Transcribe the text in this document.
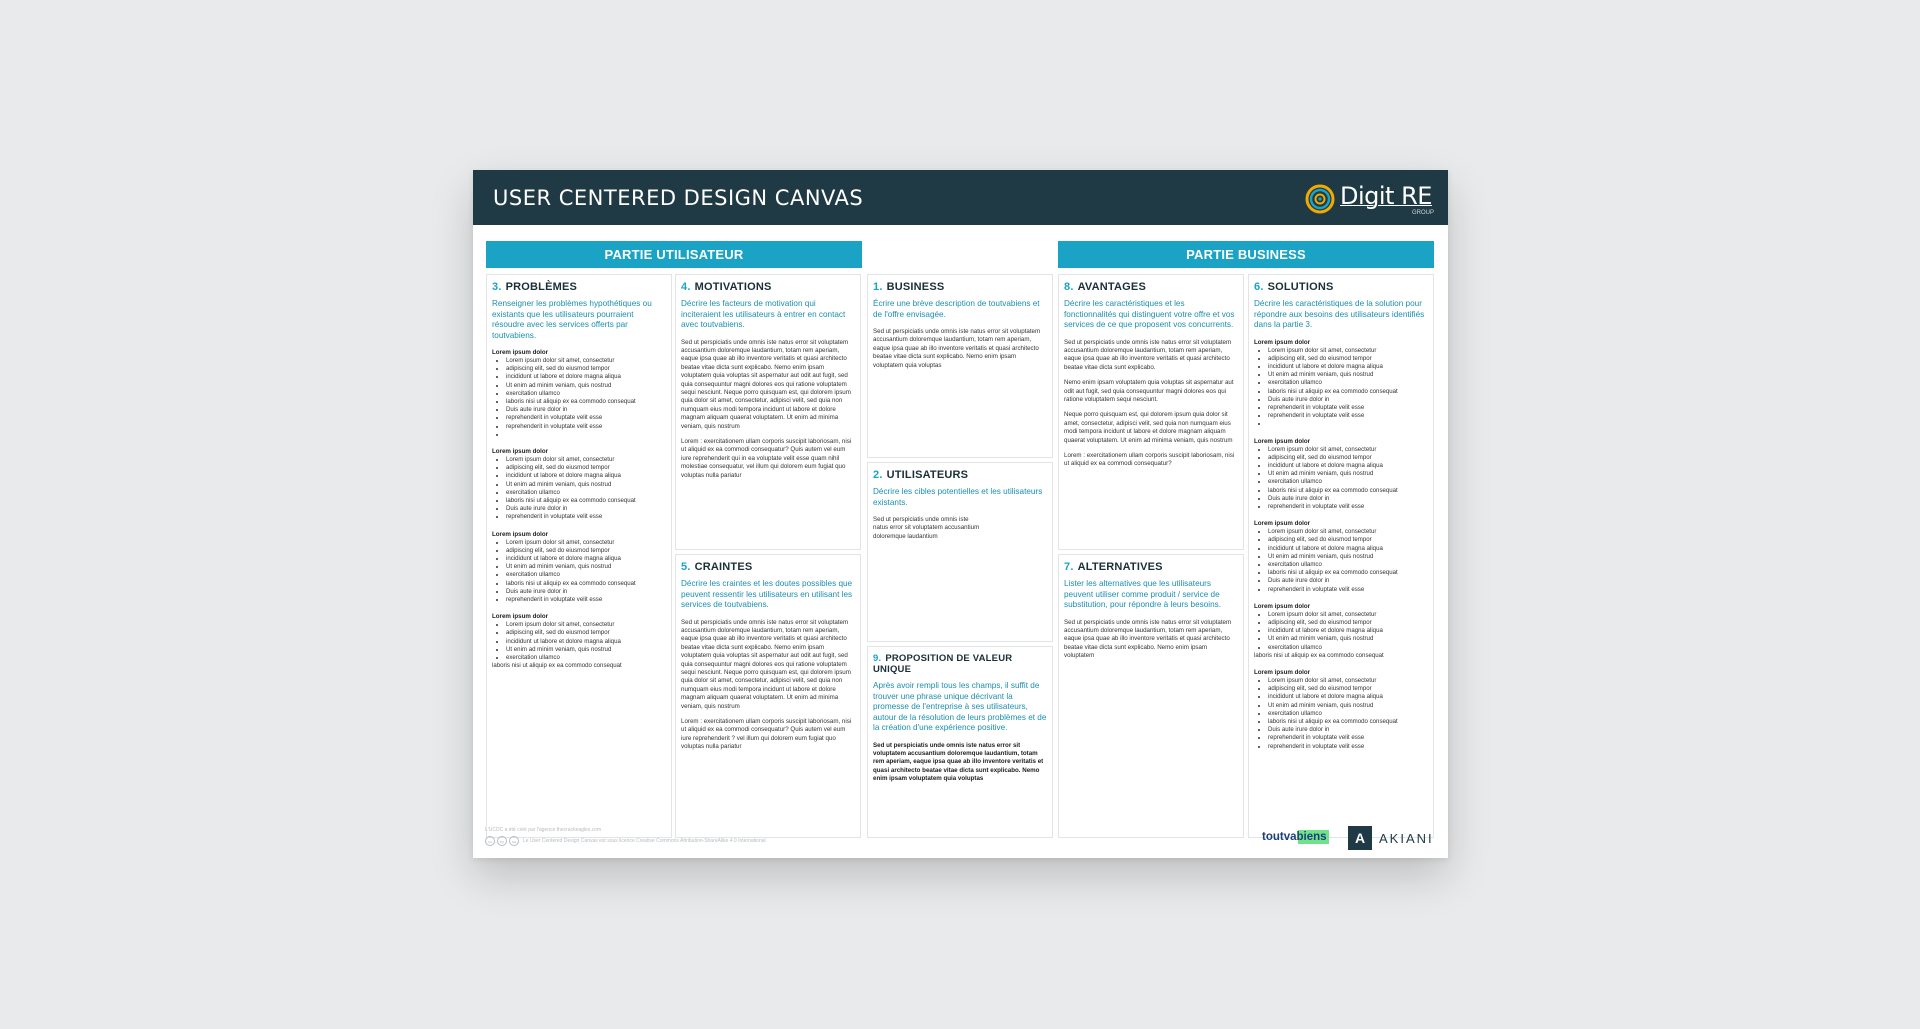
USER CENTERED DESIGN CANVAS	Digit RE
GROUP
PARTIE UTILISATEUR	PARTIE BUSINESS
3. PROBLÈMES

Renseigner les problèmes hypothétiques ou existants que les utilisateurs pourraient résoudre avec les services offerts par toutvabiens.

Lorem ipsum dolor
• Lorem ipsum dolor sit amet, consectetur
• adipiscing elit, sed do eiusmod tempor
• incididunt ut labore et dolore magna aliqua
• Ut enim ad minim veniam, quis nostrud
• exercitation ullamco
• laboris nisi ut aliquip ex ea commodo consequat
• Duis aute irure dolor in
• reprehenderit in voluptate velit esse
• reprehenderit in voluptate velit esse
•
Lorem ipsum dolor
• Lorem ipsum dolor sit amet, consectetur
• adipiscing elit, sed do eiusmod tempor
• incididunt ut labore et dolore magna aliqua
• Ut enim ad minim veniam, quis nostrud
• exercitation ullamco
• laboris nisi ut aliquip ex ea commodo consequat
• Duis aute irure dolor in
• reprehenderit in voluptate velit esse
Lorem ipsum dolor
• Lorem ipsum dolor sit amet, consectetur
• adipiscing elit, sed do eiusmod tempor
• incididunt ut labore et dolore magna aliqua
• Ut enim ad minim veniam, quis nostrud
• exercitation ullamco
• laboris nisi ut aliquip ex ea commodo consequat
• Duis aute irure dolor in
• reprehenderit in voluptate velit esse
Lorem ipsum dolor
• Lorem ipsum dolor sit amet, consectetur
• adipiscing elit, sed do eiusmod tempor
• incididunt ut labore et dolore magna aliqua
• Ut enim ad minim veniam, quis nostrud
• exercitation ullamco
laboris nisi ut aliquip ex ea commodo consequat
4. MOTIVATIONS

Décrire les facteurs de motivation qui inciteraient les utilisateurs à entrer en contact avec toutvabiens.

Sed ut perspiciatis unde omnis iste natus error sit voluptatem accusantium doloremque laudantium, totam rem aperiam, eaque ipsa quae ab illo inventore veritatis et quasi architecto beatae vitae dicta sunt explicabo. Nemo enim ipsam voluptatem quia voluptas sit aspernatur aut odit aut fugit, sed quia consequuntur magni dolores eos qui ratione voluptatem sequi nesciunt. Neque porro quisquam est, qui dolorem ipsum quia dolor sit amet, consectetur, adipisci velit, sed quia non numquam eius modi tempora incidunt ut labore et dolore magnam aliquam quaerat voluptatem. Ut enim ad minima veniam, quis nostrum

Lorem : exercitationem ullam corporis suscipit laboriosam, nisi ut aliquid ex ea commodi consequatur? Quis autem vel eum iure reprehenderit qui in ea voluptate velit esse quam nihil molestiae consequatur, vel illum qui dolorem eum fugiat quo voluptas nulla pariatur

5. CRAINTES

Décrire les craintes et les doutes possibles que peuvent ressentir les utilisateurs en utilisant les services de toutvabiens.

Sed ut perspiciatis unde omnis iste natus error sit voluptatem accusantium doloremque laudantium, totam rem aperiam, eaque ipsa quae ab illo inventore veritatis et quasi architecto beatae vitae dicta sunt explicabo. Nemo enim ipsam voluptatem quia voluptas sit aspernatur aut odit aut fugit, sed quia consequuntur magni dolores eos qui ratione voluptatem sequi nesciunt. Neque porro quisquam est, qui dolorem ipsum quia dolor sit amet, consectetur, adipisci velit, sed quia non numquam eius modi tempora incidunt ut labore et dolore magnam aliquam quaerat voluptatem. Ut enim ad minima veniam, quis nostrum

Lorem : exercitationem ullam corporis suscipit laboriosam, nisi ut aliquid ex ea commodi consequatur? Quis autem vel eum iure reprehenderit ? vel illum qui dolorem eum fugiat quo voluptas nulla pariatur

1. BUSINESS

Écrire une brève description de toutvabiens et de l'offre envisagée.

Sed ut perspiciatis unde omnis iste natus error sit voluptatem accusantium doloremque laudantium, totam rem aperiam, eaque ipsa quae ab illo inventore veritatis et quasi architecto beatae vitae dicta sunt explicabo. Nemo enim ipsam voluptatem quia voluptas

2. UTILISATEURS

Décrire les cibles potentielles et les utilisateurs existants.

Sed ut perspiciatis unde omnis iste natus error sit voluptatem accusantium doloremque laudantium

9. PROPOSITION DE VALEUR UNIQUE

Après avoir rempli tous les champs, il suffit de trouver une phrase unique décrivant la promesse de l'entreprise à ses utilisateurs, autour de la résolution de leurs problèmes et de la création d'une expérience positive.

Sed ut perspiciatis unde omnis iste natus error sit voluptatem accusantium doloremque laudantium, totam rem aperiam, eaque ipsa quae ab illo inventore veritatis et quasi architecto beatae vitae dicta sunt explicabo. Nemo enim ipsam voluptatem quia voluptas

8. AVANTAGES

Décrire les caractéristiques et les fonctionnalités qui distinguent votre offre et vos services de ce que proposent vos concurrents.

Sed ut perspiciatis unde omnis iste natus error sit voluptatem accusantium doloremque laudantium, totam rem aperiam, eaque ipsa quae ab illo inventore veritatis et quasi architecto beatae vitae dicta sunt explicabo.

Nemo enim ipsam voluptatem quia voluptas sit aspernatur aut odit aut fugit, sed quia consequuntur magni dolores eos qui ratione voluptatem sequi nesciunt.

Neque porro quisquam est, qui dolorem ipsum quia dolor sit amet, consectetur, adipisci velit, sed quia non numquam eius modi tempora incidunt ut labore et dolore magnam aliquam quaerat voluptatem. Ut enim ad minima veniam, quis nostrum

Lorem : exercitationem ullam corporis suscipit laboriosam, nisi ut aliquid ex ea commodi consequatur?

7. ALTERNATIVES

Lister les alternatives que les utilisateurs peuvent utiliser comme produit / service de substitution, pour répondre à leurs besoins.

Sed ut perspiciatis unde omnis iste natus error sit voluptatem accusantium doloremque laudantium, totam rem aperiam, eaque ipsa quae ab illo inventore veritatis et quasi architecto beatae vitae dicta sunt explicabo. Nemo enim ipsam voluptatem

6. SOLUTIONS

Décrire les caractéristiques de la solution pour répondre aux besoins des utilisateurs identifiés dans la partie 3.

Lorem ipsum dolor
• Lorem ipsum dolor sit amet, consectetur
• adipiscing elit, sed do eiusmod tempor
• incididunt ut labore et dolore magna aliqua
• Ut enim ad minim veniam, quis nostrud
• exercitation ullamco
• laboris nisi ut aliquip ex ea commodo consequat
• Duis aute irure dolor in
• reprehenderit in voluptate velit esse
• reprehenderit in voluptate velit esse
•
Lorem ipsum dolor
• Lorem ipsum dolor sit amet, consectetur
• adipiscing elit, sed do eiusmod tempor
• incididunt ut labore et dolore magna aliqua
• Ut enim ad minim veniam, quis nostrud
• exercitation ullamco
• laboris nisi ut aliquip ex ea commodo consequat
• Duis aute irure dolor in
• reprehenderit in voluptate velit esse
Lorem ipsum dolor
• Lorem ipsum dolor sit amet, consectetur
• adipiscing elit, sed do eiusmod tempor
• incididunt ut labore et dolore magna aliqua
• Ut enim ad minim veniam, quis nostrud
• exercitation ullamco
• laboris nisi ut aliquip ex ea commodo consequat
• Duis aute irure dolor in
• reprehenderit in voluptate velit esse
Lorem ipsum dolor
• Lorem ipsum dolor sit amet, consectetur
• adipiscing elit, sed do eiusmod tempor
• incididunt ut labore et dolore magna aliqua
• Ut enim ad minim veniam, quis nostrud
• exercitation ullamco
laboris nisi ut aliquip ex ea commodo consequat
Lorem ipsum dolor
• Lorem ipsum dolor sit amet, consectetur
• adipiscing elit, sed do eiusmod tempor
• incididunt ut labore et dolore magna aliqua
• Ut enim ad minim veniam, quis nostrud
• exercitation ullamco
• laboris nisi ut aliquip ex ea commodo consequat
• Duis aute irure dolor in
• reprehenderit in voluptate velit esse
• reprehenderit in voluptate velit esse
L'UCDC a été créé par l'agence thecrackeagles.com
cc	by	sa	Le User Centered Design Canvas est sous licence Creative Commons Attribution-ShareAlike 4.0 International	toutvabiens	A	AKIANI
